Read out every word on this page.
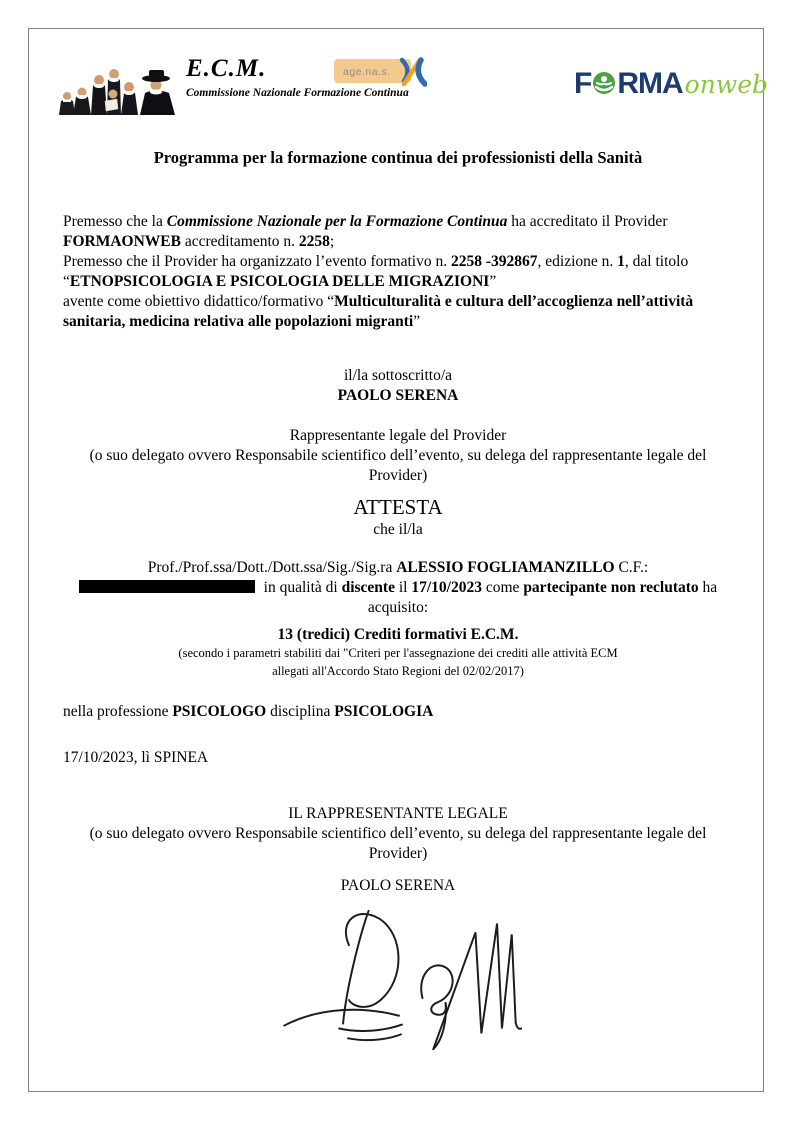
E.C.M.
Commissione Nazionale Formazione Continua
age.na.s.	F RMAonweb
Programma per la formazione continua dei professionisti della Sanità
Premesso che la Commissione Nazionale per la Formazione Continua ha accreditato il Provider
FORMAONWEB accreditamento n. 2258;
Premesso che il Provider ha organizzato l’evento formativo n. 2258 -392867, edizione n. 1, dal titolo
“ETNOPSICOLOGIA E PSICOLOGIA DELLE MIGRAZIONI”
avente come obiettivo didattico/formativo “Multiculturalità e cultura dell’accoglienza nell’attività
sanitaria, medicina relativa alle popolazioni migranti”
il/la sottoscritto/a
PAOLO SERENA
Rappresentante legale del Provider
(o suo delegato ovvero Responsabile scientifico dell’evento, su delega del rappresentante legale del
Provider)
ATTESTA
che il/la
Prof./Prof.ssa/Dott./Dott.ssa/Sig./Sig.ra ALESSIO FOGLIAMANZILLO C.F.:
in qualità di discente il 17/10/2023 come partecipante non reclutato ha
acquisito:
13 (tredici) Crediti formativi E.C.M.
(secondo i parametri stabiliti dai "Criteri per l'assegnazione dei crediti alle attività ECM
allegati all'Accordo Stato Regioni del 02/02/2017)
nella professione PSICOLOGO disciplina PSICOLOGIA
17/10/2023, lì SPINEA
IL RAPPRESENTANTE LEGALE
(o suo delegato ovvero Responsabile scientifico dell’evento, su delega del rappresentante legale del
Provider)
PAOLO SERENA
